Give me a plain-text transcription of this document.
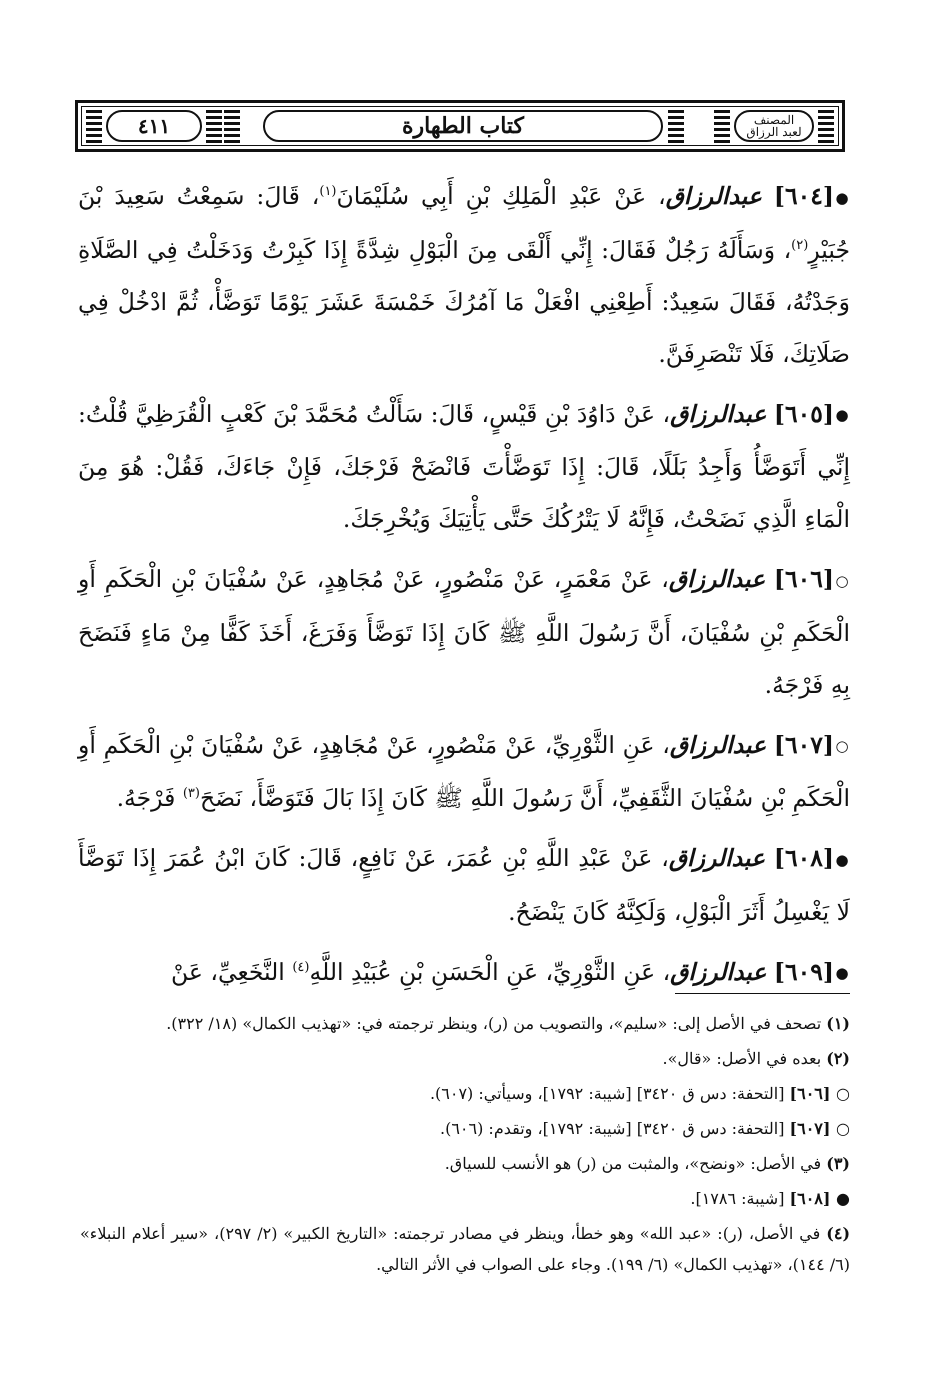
المصنف
لعبد الرزاق
كتاب الطهارة
٤١١

●[٦٠٤] عبدالرزاق، عَنْ عَبْدِ الْمَلِكِ بْنِ أَبِي سُلَيْمَانَ$^{(١)}$، قَالَ: سَمِعْتُ سَعِيدَ بْنَ جُبَيْرٍ$^{(٢)}$، وَسَأَلَهُ رَجُلٌ فَقَالَ: إِنِّي أَلْقَى مِنَ الْبَوْلِ شِدَّةً إِذَا كَبِرْتُ وَدَخَلْتُ فِي الصَّلَاةِ وَجَدْتُهُ، فَقَالَ سَعِيدٌ: أَطِعْنِي افْعَلْ مَا آمُرُكَ خَمْسَةَ عَشَرَ يَوْمًا تَوَضَّأْ، ثُمَّ ادْخُلْ فِي صَلَاتِكَ، فَلَا تَنْصَرِفَنَّ.

●[٦٠٥] عبدالرزاق، عَنْ دَاوُدَ بْنِ قَيْسٍ، قَالَ: سَأَلْتُ مُحَمَّدَ بْنَ كَعْبٍ الْقُرَظِيَّ قُلْتُ: إِنِّي أَتَوَضَّأُ وَأَجِدُ بَلَلًا، قَالَ: إِذَا تَوَضَّأْتَ فَانْضَحْ فَرْجَكَ، فَإِنْ جَاءَكَ، فَقُلْ: هُوَ مِنَ الْمَاءِ الَّذِي نَضَحْتُ، فَإِنَّهُ لَا يَتْرُكُكَ حَتَّى يَأْتِيَكَ وَيُخْرِجَكَ.

○[٦٠٦] عبدالرزاق، عَنْ مَعْمَرٍ، عَنْ مَنْصُورٍ، عَنْ مُجَاهِدٍ، عَنْ سُفْيَانَ بْنِ الْحَكَمِ أَوِ الْحَكَمِ بْنِ سُفْيَانَ، أَنَّ رَسُولَ اللَّهِ ﷺ كَانَ إِذَا تَوَضَّأَ وَفَرَغَ، أَخَذَ كَفًّا مِنْ مَاءٍ فَنَضَحَ بِهِ فَرْجَهُ.

○[٦٠٧] عبدالرزاق، عَنِ الثَّوْرِيِّ، عَنْ مَنْصُورٍ، عَنْ مُجَاهِدٍ، عَنْ سُفْيَانَ بْنِ الْحَكَمِ أَوِ الْحَكَمِ بْنِ سُفْيَانَ الثَّقَفِيِّ، أَنَّ رَسُولَ اللَّهِ ﷺ كَانَ إِذَا بَالَ فَتَوَضَّأَ، نَضَحَ$^{(٣)}$ فَرْجَهُ.

●[٦٠٨] عبدالرزاق، عَنْ عَبْدِ اللَّهِ بْنِ عُمَرَ، عَنْ نَافِعٍ، قَالَ: كَانَ ابْنُ عُمَرَ إِذَا تَوَضَّأَ لَا يَغْسِلُ أَثَرَ الْبَوْلِ، وَلَكِنَّهُ كَانَ يَنْضَحُ.

●[٦٠٩] عبدالرزاق، عَنِ الثَّوْرِيِّ، عَنِ الْحَسَنِ بْنِ عُبَيْدِ اللَّهِ$^{(٤)}$ النَّخَعِيِّ، عَنْ

(١) تصحف في الأصل إلى: «سليم»، والتصويب من (ر)، وينظر ترجمته في: «تهذيب الكمال» (١٨/ ٣٢٢).

(٢) بعده في الأصل: «قال».

○ [٦٠٦] [التحفة: دس ق ٣٤٢٠] [شيبة: ١٧٩٢]، وسيأتي: (٦٠٧).

○ [٦٠٧] [التحفة: دس ق ٣٤٢٠] [شيبة: ١٧٩٢]، وتقدم: (٦٠٦).

(٣) في الأصل: «ونضح»، والمثبت من (ر) هو الأنسب للسياق.

● [٦٠٨] [شيبة: ١٧٨٦].

(٤) في الأصل، (ر): «عبد الله» وهو خطأ، وينظر في مصادر ترجمته: «التاريخ الكبير» (٢/ ٢٩٧)، «سير أعلام النبلاء» (٦/ ١٤٤)، «تهذيب الكمال» (٦/ ١٩٩). وجاء على الصواب في الأثر التالي.
